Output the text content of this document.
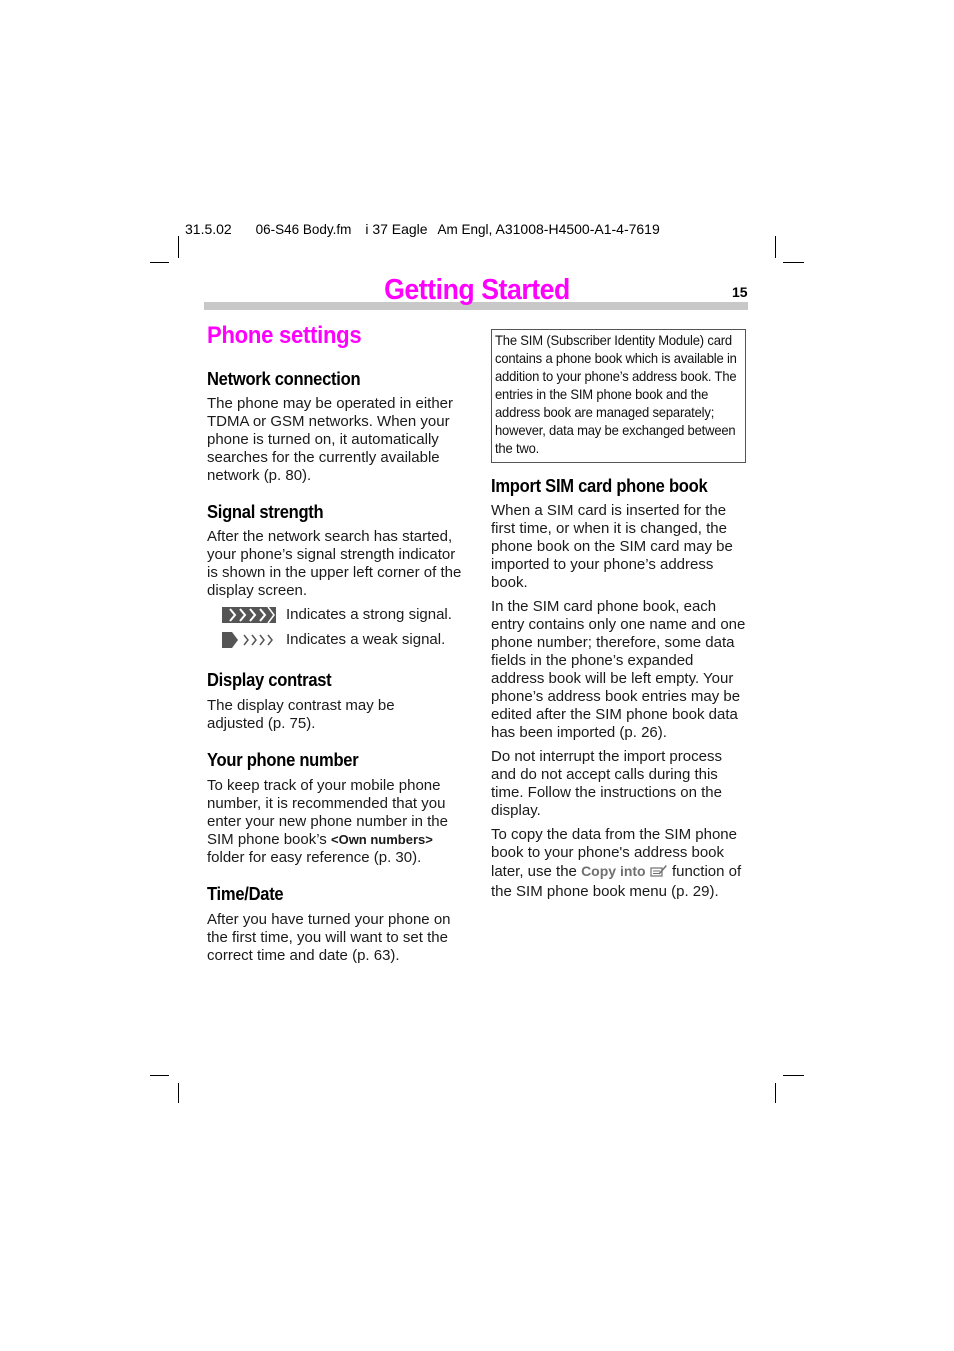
31.5.02 06-S46 Body.fm i 37 Eagle Am Engl, A31008-H4500-A1-4-7619
Getting Started	15
Phone settings
Network connection

The phone may be operated in either TDMA or GSM networks. When your phone is turned on, it automatically searches for the currently available network (p. 80).

Signal strength

After the network search has started, your phone’s signal strength indicator is shown in the upper left corner of the display screen.

Indicates a strong signal.
Indicates a weak signal.
Display contrast

The display contrast may be adjusted (p. 75).

Your phone number

To keep track of your mobile phone number, it is recommended that you enter your new phone number in the SIM phone book’s <Own numbers> folder for easy reference (p. 30).

Time/Date

After you have turned your phone on the first time, you will want to set the correct time and date (p. 63).

The SIM (Subscriber Identity Module) card
contains a phone book which is available in
addition to your phone’s address book. The
entries in the SIM phone book and the
address book are managed separately;
however, data may be exchanged between
the two.
Import SIM card phone book

When a SIM card is inserted for the first time, or when it is changed, the phone book on the SIM card may be imported to your phone’s address book.

In the SIM card phone book, each entry contains only one name and one phone number; therefore, some data fields in the phone’s expanded address book will be left empty. Your phone’s address book entries may be edited after the SIM phone book data has been imported (p. 26).

Do not interrupt the import process and do not accept calls during this time. Follow the instructions on the display.

To copy the data from the SIM phone book to your phone's address book later, use the Copy into  function of the SIM phone book menu (p. 29).
